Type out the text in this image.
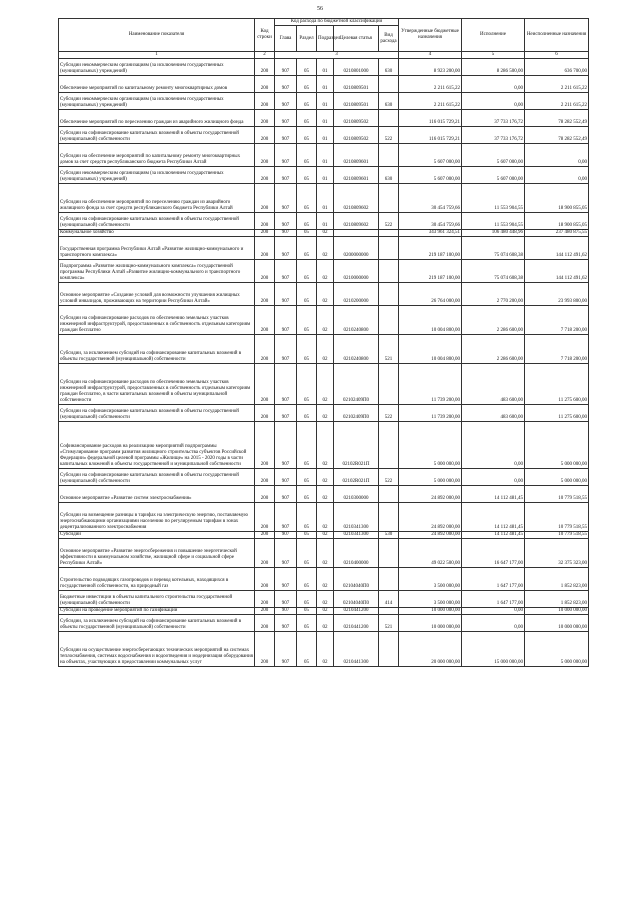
56
Наименование показателя	Код строки	Код расхода по бюджетной классификации					Утвержденные бюджетные назначения	Исполнение	Неисполненные назначения
		Глава	Раздел	Подраздел	Целевая статья	Вид расхода			
1	2	3					4	5	6
Субсидии некоммерческим организациям (за исключением государственных (муниципальных) учреждений)	200	907	05	01	0210801000	630	8 923 200,00	8 286 500,00	636 700,00
Обеспечение мероприятий по капитальному ремонту многоквартирных домов	200	907	05	01	0210809501		2 211 615,22	0,00	2 211 615,22
Субсидии некоммерческим организациям (за исключением государственных (муниципальных) учреждений)	200	907	05	01	0210809501	630	2 211 615,22	0,00	2 211 615,22
Обеспечение мероприятий по переселению граждан из аварийного жилищного фонда	200	907	05	01	0210809502		116 015 729,21	37 733 176,72	78 282 552,49
Субсидии на софинансирование капитальных вложений в объекты государственной (муниципальной) собственности	200	907	05	01	0210809502	522	116 015 729,21	37 733 176,72	78 282 552,49
Субсидии на обеспечение мероприятий по капитальному ремонту многоквартирных домов за счет средств республиканского бюджета Республики Алтай	200	907	05	01	0210809601		5 607 000,00	5 607 000,00	0,00
Субсидии некоммерческим организациям (за исключением государственных (муниципальных) учреждений)	200	907	05	01	0210809601	630	5 607 000,00	5 607 000,00	0,00
Субсидии на обеспечение мероприятий по переселению граждан из аварийного жилищного фонда за счет средств республиканского бюджета Республики Алтай	200	907	05	01	0210809602		30 454 759,66	11 553 904,55	18 900 855,05
Субсидии на софинансирование капитальных вложений в объекты государственной (муниципальной) собственности	200	907	05	01	0210809602	522	30 454 759,66	11 553 904,55	18 900 855,05
Коммунальное хозяйство	200	907	05	02			343 961 324,51	106 480 448,96	237 480 875,55
Государственная программа Республики Алтай «Развитие жилищно-коммунального и транспортного комплекса»	200	907	05	02	0200000000		219 187 100,00	75 074 608,38	144 112 491,62
Подпрограмма «Развитие жилищно-коммунального комплекса» государственной программы Республики Алтай «Развитие жилищно-коммунального и транспортного комплекса»	200	907	05	02	0210000000		219 187 100,00	75 074 608,38	144 112 491,62
Основное мероприятие «Создание условий для возможности улучшения жилищных условий инвалидов, проживающих на территории Республики Алтай»	200	907	05	02	0210200000		26 764 000,00	2 770 200,00	23 993 800,00
Субсидии на софинансирование расходов по обеспечению земельных участков инженерной инфраструктурой, предоставленных в собственность отдельным категориям граждан бесплатно	200	907	05	02	0210240800		10 004 800,00	2 286 600,00	7 718 200,00
Субсидии, за исключением субсидий на софинансирование капитальных вложений в объекты государственной (муниципальной) собственности	200	907	05	02	0210240800	521	10 004 800,00	2 286 600,00	7 718 200,00
Субсидии на софинансирование расходов по обеспечению земельных участков инженерной инфраструктурой, предоставленных в собственность отдельным категориям граждан бесплатно, в части капитальных вложений в объекты муниципальной собственности	200	907	05	02	02102409П0		11 739 200,00	483 600,00	11 275 600,00
Субсидии на софинансирование капитальных вложений в объекты государственной (муниципальной) собственности	200	907	05	02	02102409П0	522	11 739 200,00	483 600,00	11 275 600,00
Софинансирование расходов на реализацию мероприятий подпрограммы «Стимулирование программ развития жилищного строительства субъектов Российской Федерации» федеральной целевой программы «Жилище» на 2015 - 2020 годы в части капитальных вложений в объекты государственной и муниципальной собственности	200	907	05	02	02102R021П		5 000 000,00	0,00	5 000 000,00
Субсидии на софинансирование капитальных вложений в объекты государственной (муниципальной) собственности	200	907	05	02	02102R021П	522	5 000 000,00	0,00	5 000 000,00
Основное мероприятие «Развитие систем электроснабжения»	200	907	05	02	0210300000		24 892 000,00	14 112 481,45	10 779 518,55
Субсидии на возмещение разницы в тарифах на электрическую энергию, поставляемую энергоснабжающими организациями населению по регулируемым тарифам в зонах децентрализованного электроснабжения	200	907	05	02	0210341300		24 892 000,00	14 112 481,45	10 779 518,55
Субсидии	200	907	05	02	0210341300	530	24 892 000,00	14 112 481,45	10 779 518,55
Основное мероприятие «Развитие энергосбережения и повышение энергетической эффективности в коммунальном хозяйстве, жилищной сфере и социальной сфере Республики Алтай»	200	907	05	02	0210400000		49 022 500,00	16 647 177,00	32 375 323,00
Строительство подводящих газопроводов и перевод котельных, находящихся в государственной собственности, на природный газ	200	907	05	02	02104040П0		3 500 000,00	1 647 177,00	1 852 823,00
Бюджетные инвестиции в объекты капитального строительства государственной (муниципальной) собственности	200	907	05	02	02104040П0	414	3 500 000,00	1 647 177,00	1 852 823,00
Субсидии на проведение мероприятий по газификации	200	907	05	02	0210441200		10 000 000,00	0,00	10 000 000,00
Субсидии, за исключением субсидий на софинансирование капитальных вложений в объекты государственной (муниципальной) собственности	200	907	05	02	0210441200	521	10 000 000,00	0,00	10 000 000,00
Субсидии на осуществление энергосберегающих технических мероприятий на системах теплоснабжения, системах водоснабжения и водоотведения и модернизация оборудования на объектах, участвующих в предоставлении коммунальных услуг	200	907	05	02	0210441300		20 000 000,00	15 000 000,00	5 000 000,00
